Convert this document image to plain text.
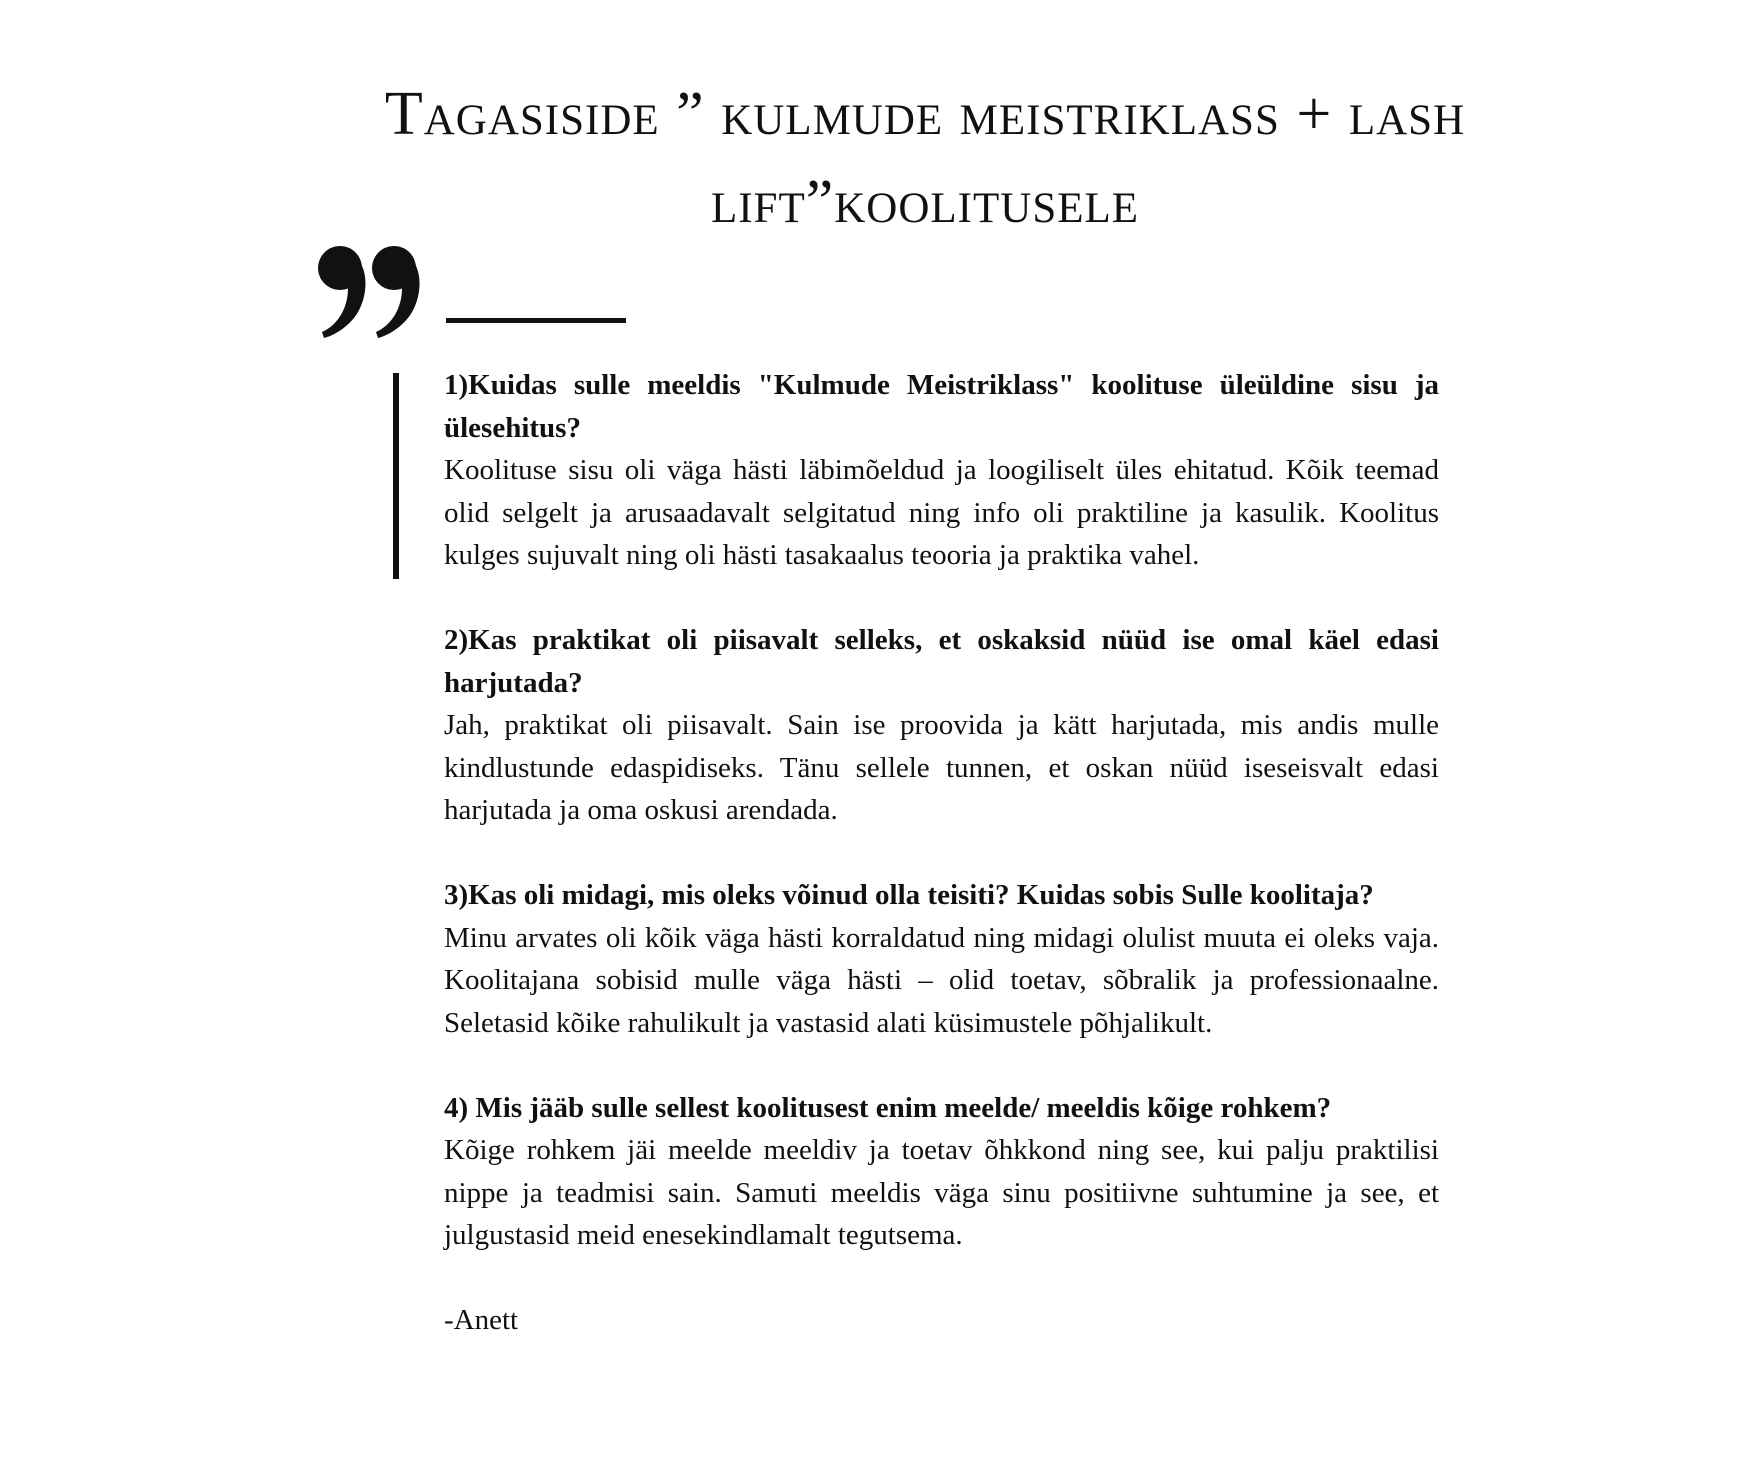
Tagasiside ” kulmude meistriklass + lash lift”koolitusele

1)Kuidas sulle meeldis "Kulmude Meistriklass" koolituse üleüldine sisu ja ülesehitus?

Koolituse sisu oli väga hästi läbimõeldud ja loogiliselt üles ehitatud. Kõik teemad olid selgelt ja arusaadavalt selgitatud ning info oli praktiline ja kasulik. Koolitus kulges sujuvalt ning oli hästi tasakaalus teooria ja praktika vahel.

2)Kas praktikat oli piisavalt selleks, et oskaksid nüüd ise omal käel edasi harjutada?

Jah, praktikat oli piisavalt. Sain ise proovida ja kätt harjutada, mis andis mulle kindlustunde edaspidiseks. Tänu sellele tunnen, et oskan nüüd iseseisvalt edasi harjutada ja oma oskusi arendada.

3)Kas oli midagi, mis oleks võinud olla teisiti? Kuidas sobis Sulle koolitaja?

Minu arvates oli kõik väga hästi korraldatud ning midagi olulist muuta ei oleks vaja. Koolitajana sobisid mulle väga hästi – olid toetav, sõbralik ja professionaalne. Seletasid kõike rahulikult ja vastasid alati küsimustele põhjalikult.

4) Mis jääb sulle sellest koolitusest enim meelde/ meeldis kõige rohkem?

Kõige rohkem jäi meelde meeldiv ja toetav õhkkond ning see, kui palju praktilisi nippe ja teadmisi sain. Samuti meeldis väga sinu positiivne suhtumine ja see, et julgustasid meid enesekindlamalt tegutsema.

-Anett
